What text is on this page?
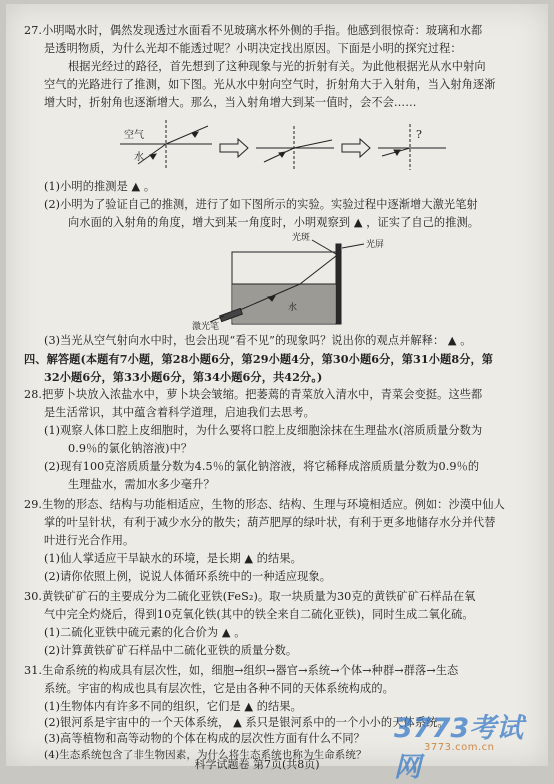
27.小明喝水时，偶然发现透过水面看不见玻璃水杯外侧的手指。他感到很惊奇：玻璃和水都
是透明物质，为什么光却不能透过呢？小明决定找出原因。下面是小明的探究过程：
根据光经过的路径，首先想到了这种现象与光的折射有关。为此他根据光从水中射向
空气的光路进行了推测，如下图。光从水中射向空气时，折射角大于入射角，当入射角逐渐
增大时，折射角也逐渐增大。那么，当入射角增大到某一值时，会不会……
空气
水
?
(1)小明的推测是 ▲ 。
(2)小明为了验证自己的推测，进行了如下图所示的实验。实验过程中逐渐增大激光笔射
向水面的入射角的角度，增大到某一角度时，小明观察到 ▲ ，证实了自己的推测。
光斑
光屏
激光笔
水
(3)当光从空气射向水中时，也会出现“看不见”的现象吗？说出你的观点并解释： ▲ 。
四、解答题(本题有7小题，第28小题6分，第29小题4分，第30小题6分，第31小题8分，第
32小题6分，第33小题6分，第34小题6分，共42分。)
28.把萝卜块放入浓盐水中，萝卜块会皱缩。把萎蔫的青菜放入清水中，青菜会变挺。这些都
是生活常识，其中蕴含着科学道理，启迪我们去思考。
(1)观察人体口腔上皮细胞时，为什么要将口腔上皮细胞涂抹在生理盐水(溶质质量分数为
0.9％的氯化钠溶液)中？
(2)现有100克溶质质量分数为4.5％的氯化钠溶液，将它稀释成溶质质量分数为0.9％的
生理盐水，需加水多少毫升？
29.生物的形态、结构与功能相适应，生物的形态、结构、生理与环境相适应。例如：沙漠中仙人
掌的叶呈针状，有利于减少水分的散失；葫芦肥厚的绿叶状，有利于更多地储存水分并代替
叶进行光合作用。
(1)仙人掌适应干旱缺水的环境，是长期 ▲ 的结果。
(2)请你依照上例，说说人体循环系统中的一种适应现象。
30.黄铁矿矿石的主要成分为二硫化亚铁(FeS₂)。取一块质量为30克的黄铁矿矿石样品在氧
气中完全灼烧后，得到10克氧化铁(其中的铁全来自二硫化亚铁)，同时生成二氧化硫。
(1)二硫化亚铁中硫元素的化合价为 ▲ 。
(2)计算黄铁矿矿石样品中二硫化亚铁的质量分数。
31.生命系统的构成具有层次性，如，细胞→组织→器官→系统→个体→种群→群落→生态
系统。宇宙的构成也具有层次性，它是由各种不同的天体系统构成的。
(1)生物体内有许多不同的组织，它们是 ▲ 的结果。
(2)银河系是宇宙中的一个天体系统， ▲ 系只是银河系中的一个小小的天体系统。
(3)高等植物和高等动物的个体在构成的层次性方面有什么不同？
(4)生态系统包含了非生物因素，为什么将生态系统也称为生命系统？
科学试题卷 第7页(共8页)
3773考试网
3773.com.cn
